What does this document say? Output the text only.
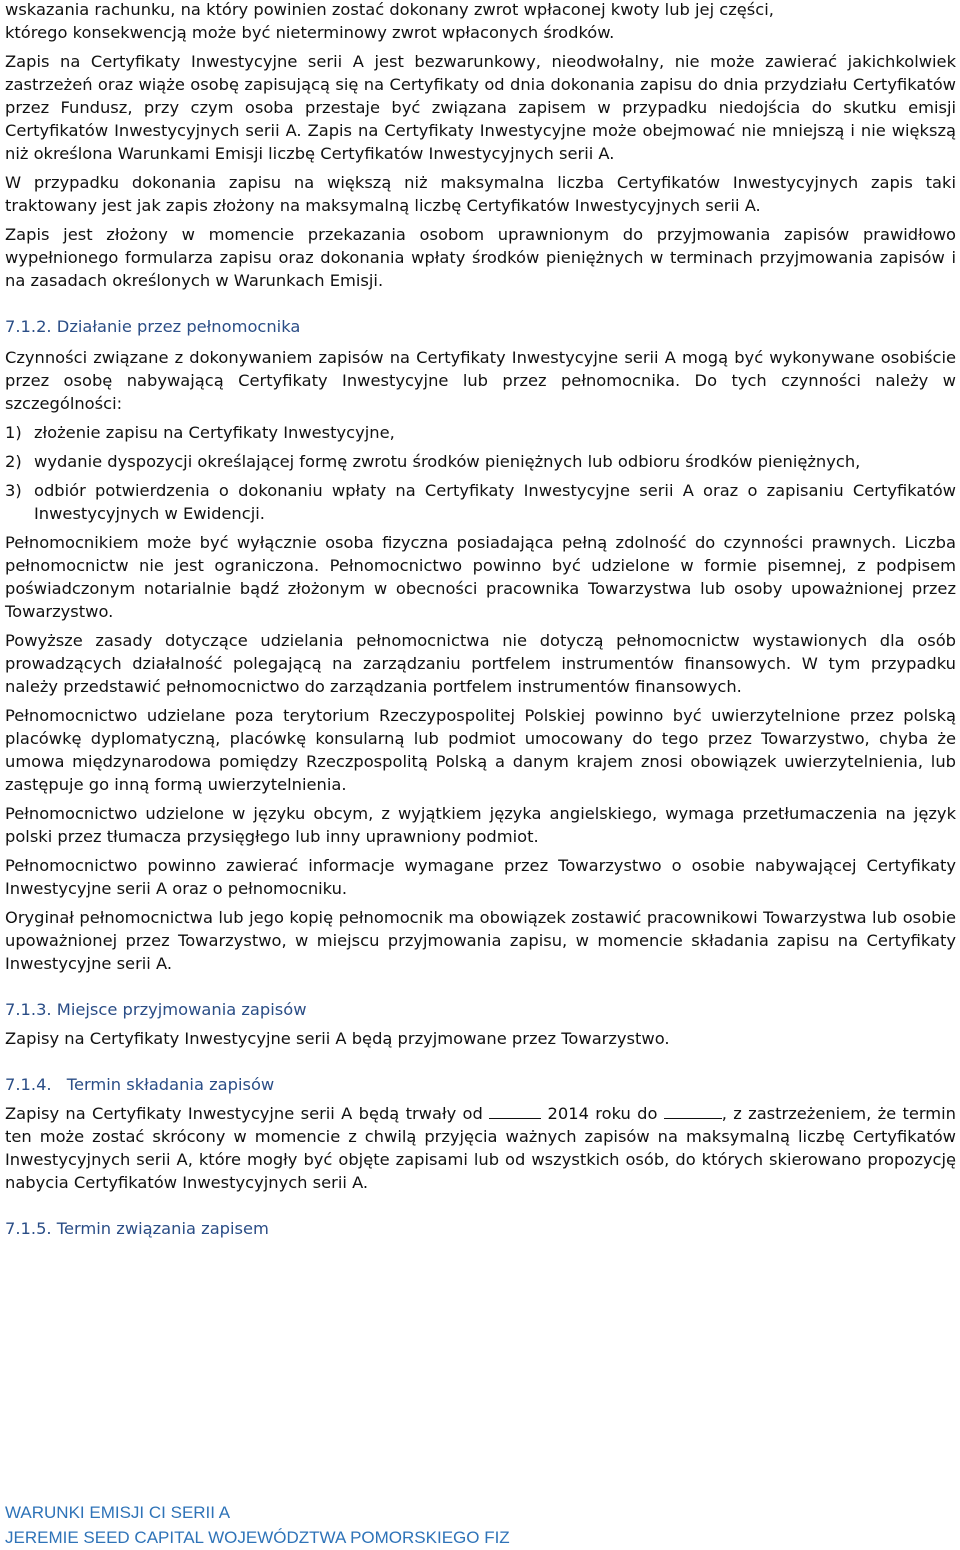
wskazania rachunku, na który powinien zostać dokonany zwrot wpłaconej kwoty lub jej części,
którego konsekwencją może być nieterminowy zwrot wpłaconych środków.

Zapis na Certyfikaty Inwestycyjne serii A jest bezwarunkowy, nieodwołalny, nie może zawierać jakichkolwiek zastrzeżeń oraz wiąże osobę zapisującą się na Certyfikaty od dnia dokonania zapisu do dnia przydziału Certyfikatów przez Fundusz, przy czym osoba przestaje być związana zapisem w przypadku niedojścia do skutku emisji Certyfikatów Inwestycyjnych serii A. Zapis na Certyfikaty Inwestycyjne może obejmować nie mniejszą i nie większą niż określona Warunkami Emisji liczbę Certyfikatów Inwestycyjnych serii A.

W przypadku dokonania zapisu na większą niż maksymalna liczba Certyfikatów Inwestycyjnych zapis taki traktowany jest jak zapis złożony na maksymalną liczbę Certyfikatów Inwestycyjnych serii A.

Zapis jest złożony w momencie przekazania osobom uprawnionym do przyjmowania zapisów prawidłowo wypełnionego formularza zapisu oraz dokonania wpłaty środków pieniężnych w terminach przyjmowania zapisów i na zasadach określonych w Warunkach Emisji.

7.1.2. Działanie przez pełnomocnika

Czynności związane z dokonywaniem zapisów na Certyfikaty Inwestycyjne serii A mogą być wykonywane osobiście przez osobę nabywającą Certyfikaty Inwestycyjne lub przez pełnomocnika. Do tych czynności należy w szczególności:

1) złożenie zapisu na Certyfikaty Inwestycyjne,
2) wydanie dyspozycji określającej formę zwrotu środków pieniężnych lub odbioru środków pieniężnych,
3) odbiór potwierdzenia o dokonaniu wpłaty na Certyfikaty Inwestycyjne serii A oraz o zapisaniu Certyfikatów Inwestycyjnych w Ewidencji.

Pełnomocnikiem może być wyłącznie osoba fizyczna posiadająca pełną zdolność do czynności prawnych. Liczba pełnomocnictw nie jest ograniczona. Pełnomocnictwo powinno być udzielone w formie pisemnej, z podpisem poświadczonym notarialnie bądź złożonym w obecności pracownika Towarzystwa lub osoby upoważnionej przez Towarzystwo.

Powyższe zasady dotyczące udzielania pełnomocnictwa nie dotyczą pełnomocnictw wystawionych dla osób prowadzących działalność polegającą na zarządzaniu portfelem instrumentów finansowych. W tym przypadku należy przedstawić pełnomocnictwo do zarządzania portfelem instrumentów finansowych.

Pełnomocnictwo udzielane poza terytorium Rzeczypospolitej Polskiej powinno być uwierzytelnione przez polską placówkę dyplomatyczną, placówkę konsularną lub podmiot umocowany do tego przez Towarzystwo, chyba że umowa międzynarodowa pomiędzy Rzeczpospolitą Polską a danym krajem znosi obowiązek uwierzytelnienia, lub zastępuje go inną formą uwierzytelnienia.

Pełnomocnictwo udzielone w języku obcym, z wyjątkiem języka angielskiego, wymaga przetłumaczenia na język polski przez tłumacza przysięgłego lub inny uprawniony podmiot.

Pełnomocnictwo powinno zawierać informacje wymagane przez Towarzystwo o osobie nabywającej Certyfikaty Inwestycyjne serii A oraz o pełnomocniku.

Oryginał pełnomocnictwa lub jego kopię pełnomocnik ma obowiązek zostawić pracownikowi Towarzystwa lub osobie upoważnionej przez Towarzystwo, w miejscu przyjmowania zapisu, w momencie składania zapisu na Certyfikaty Inwestycyjne serii A.

7.1.3. Miejsce przyjmowania zapisów

Zapisy na Certyfikaty Inwestycyjne serii A będą przyjmowane przez Towarzystwo.

7.1.4. Termin składania zapisów

Zapisy na Certyfikaty Inwestycyjne serii A będą trwały od	2014 roku do	, z zastrzeżeniem, że termin ten może zostać skrócony w momencie z chwilą przyjęcia ważnych zapisów na maksymalną liczbę Certyfikatów Inwestycyjnych serii A, które mogły być objęte zapisami lub od wszystkich osób, do których skierowano propozycję nabycia Certyfikatów Inwestycyjnych serii A.

7.1.5. Termin związania zapisem
WARUNKI EMISJI CI SERII A
JEREMIE SEED CAPITAL WOJEWÓDZTWA POMORSKIEGO FIZ
